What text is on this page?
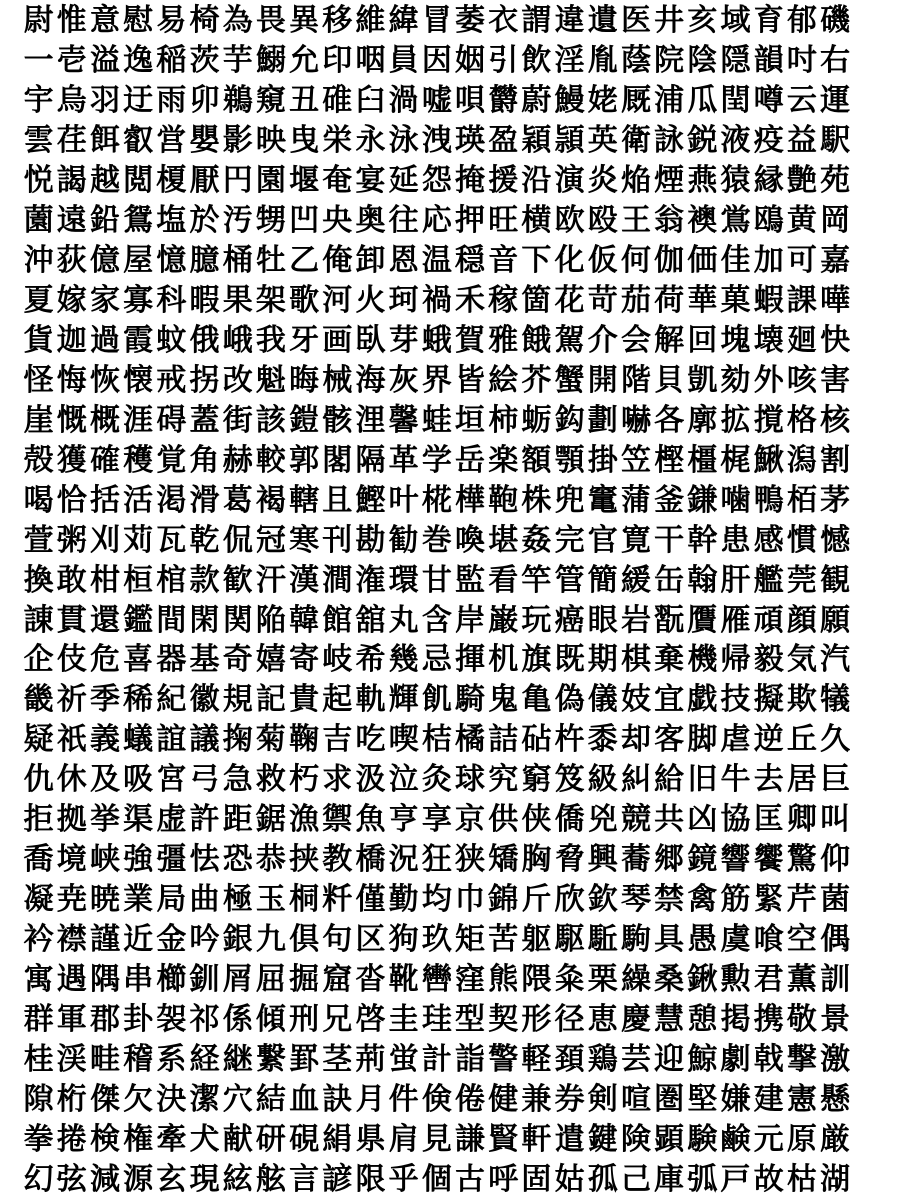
尉 惟 意 慰 易 椅 為 畏 異 移 維 緯 冒 萎 衣 謂 違 遺 医 井 亥 域 育 郁 磯
一 壱 溢 逸 稲 茨 芋 鰯 允 印 咽 員 因 姻 引 飲 淫 胤 蔭 院 陰 隠 韻 吋 右
宇 烏 羽 迂 雨 卯 鵜 窺 丑 碓 臼 渦 嘘 唄 欝 蔚 鰻 姥 厩 浦 瓜 閏 噂 云 運
雲 荏 餌 叡 営 嬰 影 映 曳 栄 永 泳 洩 瑛 盈 穎 頴 英 衛 詠 鋭 液 疫 益 駅
悦 謁 越 閲 榎 厭 円 園 堰 奄 宴 延 怨 掩 援 沿 演 炎 焔 煙 燕 猿 縁 艶 苑
薗 遠 鉛 鴛 塩 於 汚 甥 凹 央 奥 往 応 押 旺 横 欧 殴 王 翁 襖 鴬 鴎 黄 岡
沖 荻 億 屋 憶 臆 桶 牡 乙 俺 卸 恩 温 穏 音 下 化 仮 何 伽 価 佳 加 可 嘉
夏 嫁 家 寡 科 暇 果 架 歌 河 火 珂 禍 禾 稼 箇 花 苛 茄 荷 華 菓 蝦 課 嘩
貨 迦 過 霞 蚊 俄 峨 我 牙 画 臥 芽 蛾 賀 雅 餓 駕 介 会 解 回 塊 壊 廻 快
怪 悔 恢 懐 戒 拐 改 魁 晦 械 海 灰 界 皆 絵 芥 蟹 開 階 貝 凱 劾 外 咳 害
崖 慨 概 涯 碍 蓋 街 該 鎧 骸 浬 馨 蛙 垣 柿 蛎 鈎 劃 嚇 各 廓 拡 撹 格 核
殻 獲 確 穫 覚 角 赫 較 郭 閣 隔 革 学 岳 楽 額 顎 掛 笠 樫 橿 梶 鰍 潟 割
喝 恰 括 活 渇 滑 葛 褐 轄 且 鰹 叶 椛 樺 鞄 株 兜 竃 蒲 釜 鎌 噛 鴨 栢 茅
萱 粥 刈 苅 瓦 乾 侃 冠 寒 刊 勘 勧 巻 喚 堪 姦 完 官 寛 干 幹 患 感 慣 憾
換 敢 柑 桓 棺 款 歓 汗 漢 澗 潅 環 甘 監 看 竿 管 簡 緩 缶 翰 肝 艦 莞 観
諌 貫 還 鑑 間 閑 関 陥 韓 館 舘 丸 含 岸 巌 玩 癌 眼 岩 翫 贋 雁 頑 顔 願
企 伎 危 喜 器 基 奇 嬉 寄 岐 希 幾 忌 揮 机 旗 既 期 棋 棄 機 帰 毅 気 汽
畿 祈 季 稀 紀 徽 規 記 貴 起 軌 輝 飢 騎 鬼 亀 偽 儀 妓 宜 戯 技 擬 欺 犠
疑 祇 義 蟻 誼 議 掬 菊 鞠 吉 吃 喫 桔 橘 詰 砧 杵 黍 却 客 脚 虐 逆 丘 久
仇 休 及 吸 宮 弓 急 救 朽 求 汲 泣 灸 球 究 窮 笈 級 糾 給 旧 牛 去 居 巨
拒 拠 挙 渠 虚 許 距 鋸 漁 禦 魚 亨 享 京 供 侠 僑 兇 競 共 凶 協 匡 卿 叫
喬 境 峡 強 彊 怯 恐 恭 挟 教 橋 況 狂 狭 矯 胸 脅 興 蕎 郷 鏡 響 饗 驚 仰
凝 尭 暁 業 局 曲 極 玉 桐 粁 僅 勤 均 巾 錦 斤 欣 欽 琴 禁 禽 筋 緊 芹 菌
衿 襟 謹 近 金 吟 銀 九 倶 句 区 狗 玖 矩 苦 躯 駆 駈 駒 具 愚 虞 喰 空 偶
寓 遇 隅 串 櫛 釧 屑 屈 掘 窟 沓 靴 轡 窪 熊 隈 粂 栗 繰 桑 鍬 勲 君 薫 訓
群 軍 郡 卦 袈 祁 係 傾 刑 兄 啓 圭 珪 型 契 形 径 恵 慶 慧 憩 掲 携 敬 景
桂 渓 畦 稽 系 経 継 繋 罫 茎 荊 蛍 計 詣 警 軽 頚 鶏 芸 迎 鯨 劇 戟 撃 激
隙 桁 傑 欠 決 潔 穴 結 血 訣 月 件 倹 倦 健 兼 券 剣 喧 圏 堅 嫌 建 憲 懸
拳 捲 検 権 牽 犬 献 研 硯 絹 県 肩 見 謙 賢 軒 遣 鍵 険 顕 験 鹸 元 原 厳
幻 弦 減 源 玄 現 絃 舷 言 諺 限 乎 個 古 呼 固 姑 孤 己 庫 弧 戸 故 枯 湖
